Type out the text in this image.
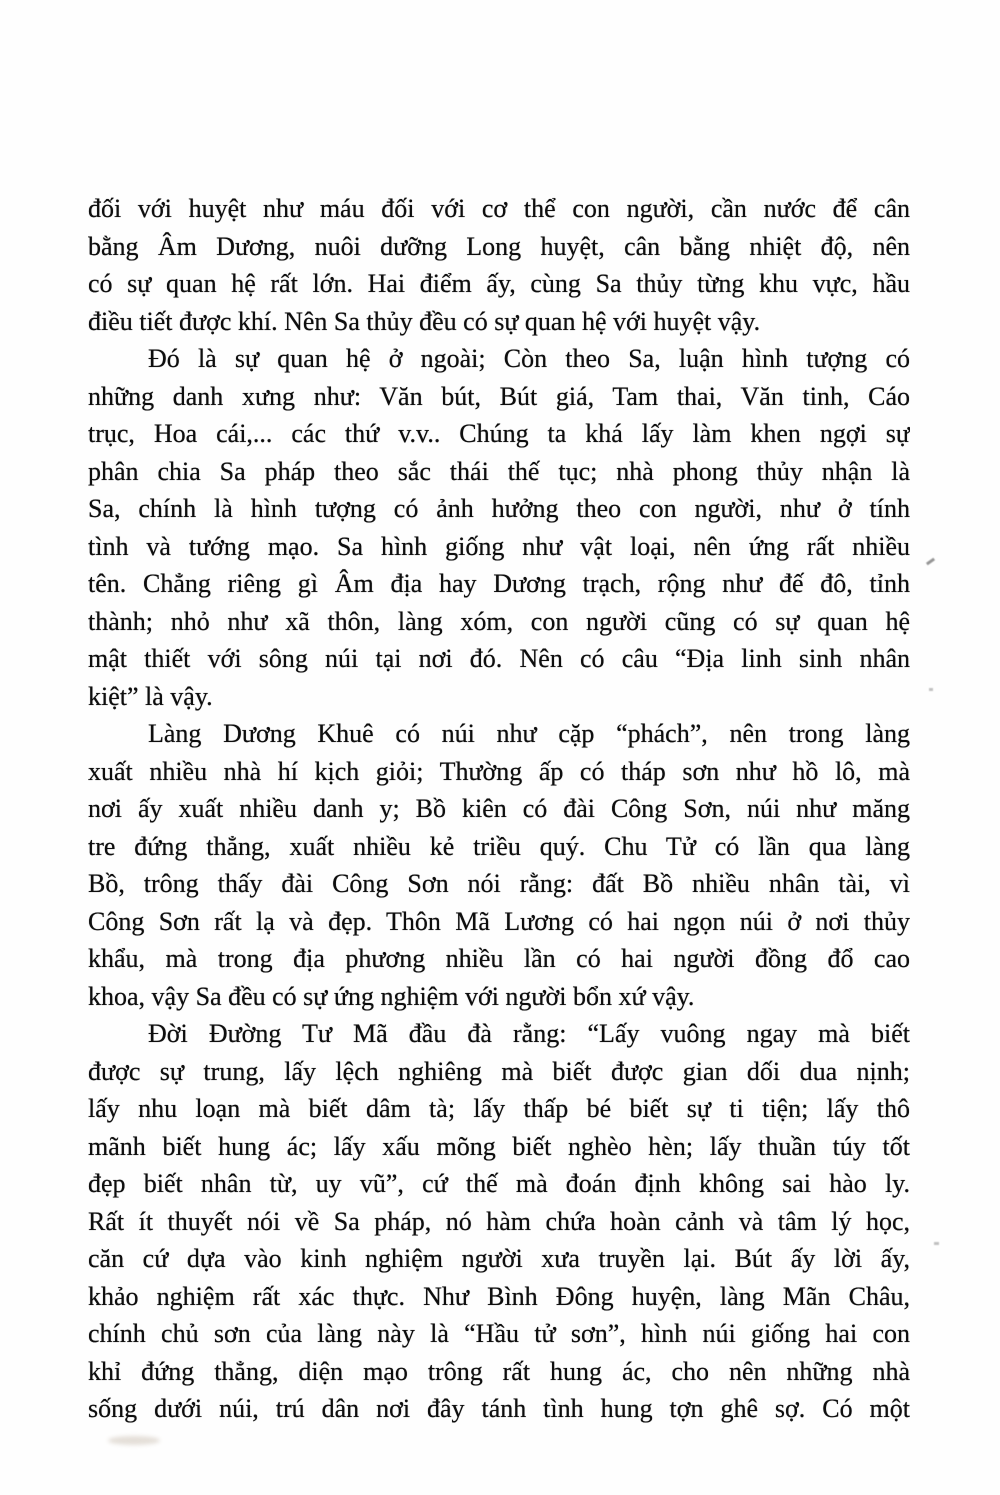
đối với huyệt như máu đối với cơ thể con người, cần nước để cân
bằng Âm Dương, nuôi dưỡng Long huyệt, cân bằng nhiệt độ, nên
có sự quan hệ rất lớn. Hai điểm ấy, cùng Sa thủy từng khu vực, hầu
điều tiết được khí. Nên Sa thủy đều có sự quan hệ với huyệt vậy.
Đó là sự quan hệ ở ngoài; Còn theo Sa, luận hình tượng có
những danh xưng như: Văn bút, Bút giá, Tam thai, Văn tinh, Cáo
trục, Hoa cái,... các thứ v.v.. Chúng ta khá lấy làm khen ngợi sự
phân chia Sa pháp theo sắc thái thế tục; nhà phong thủy nhận là
Sa, chính là hình tượng có ảnh hưởng theo con người, như ở tính
tình và tướng mạo. Sa hình giống như vật loại, nên ứng rất nhiều
tên. Chẳng riêng gì Âm địa hay Dương trạch, rộng như đế đô, tỉnh
thành; nhỏ như xã thôn, làng xóm, con người cũng có sự quan hệ
mật thiết với sông núi tại nơi đó. Nên có câu “Địa linh sinh nhân
kiệt” là vậy.
Làng Dương Khuê có núi như cặp “phách”, nên trong làng
xuất nhiều nhà hí kịch giỏi; Thường ấp có tháp sơn như hồ lô, mà
nơi ấy xuất nhiều danh y; Bồ kiên có đài Công Sơn, núi như măng
tre đứng thẳng, xuất nhiều kẻ triều quý. Chu Tử có lần qua làng
Bồ, trông thấy đài Công Sơn nói rằng: đất Bồ nhiều nhân tài, vì
Công Sơn rất lạ và đẹp. Thôn Mã Lương có hai ngọn núi ở nơi thủy
khẩu, mà trong địa phương nhiều lần có hai người đồng đổ cao
khoa, vậy Sa đều có sự ứng nghiệm với người bổn xứ vậy.
Đời Đường Tư Mã đầu đà rằng: “Lấy vuông ngay mà biết
được sự trung, lấy lệch nghiêng mà biết được gian dối dua nịnh;
lấy nhu loạn mà biết dâm tà; lấy thấp bé biết sự ti tiện; lấy thô
mãnh biết hung ác; lấy xấu mõng biết nghèo hèn; lấy thuần túy tốt
đẹp biết nhân từ, uy vũ”, cứ thế mà đoán định không sai hào ly.
Rất ít thuyết nói về Sa pháp, nó hàm chứa hoàn cảnh và tâm lý học,
căn cứ dựa vào kinh nghiệm người xưa truyền lại. Bút ấy lời ấy,
khảo nghiệm rất xác thực. Như Bình Đông huyện, làng Mãn Châu,
chính chủ sơn của làng này là “Hầu tử sơn”, hình núi giống hai con
khỉ đứng thẳng, diện mạo trông rất hung ác, cho nên những nhà
sống dưới núi, trú dân nơi đây tánh tình hung tợn ghê sợ. Có một
